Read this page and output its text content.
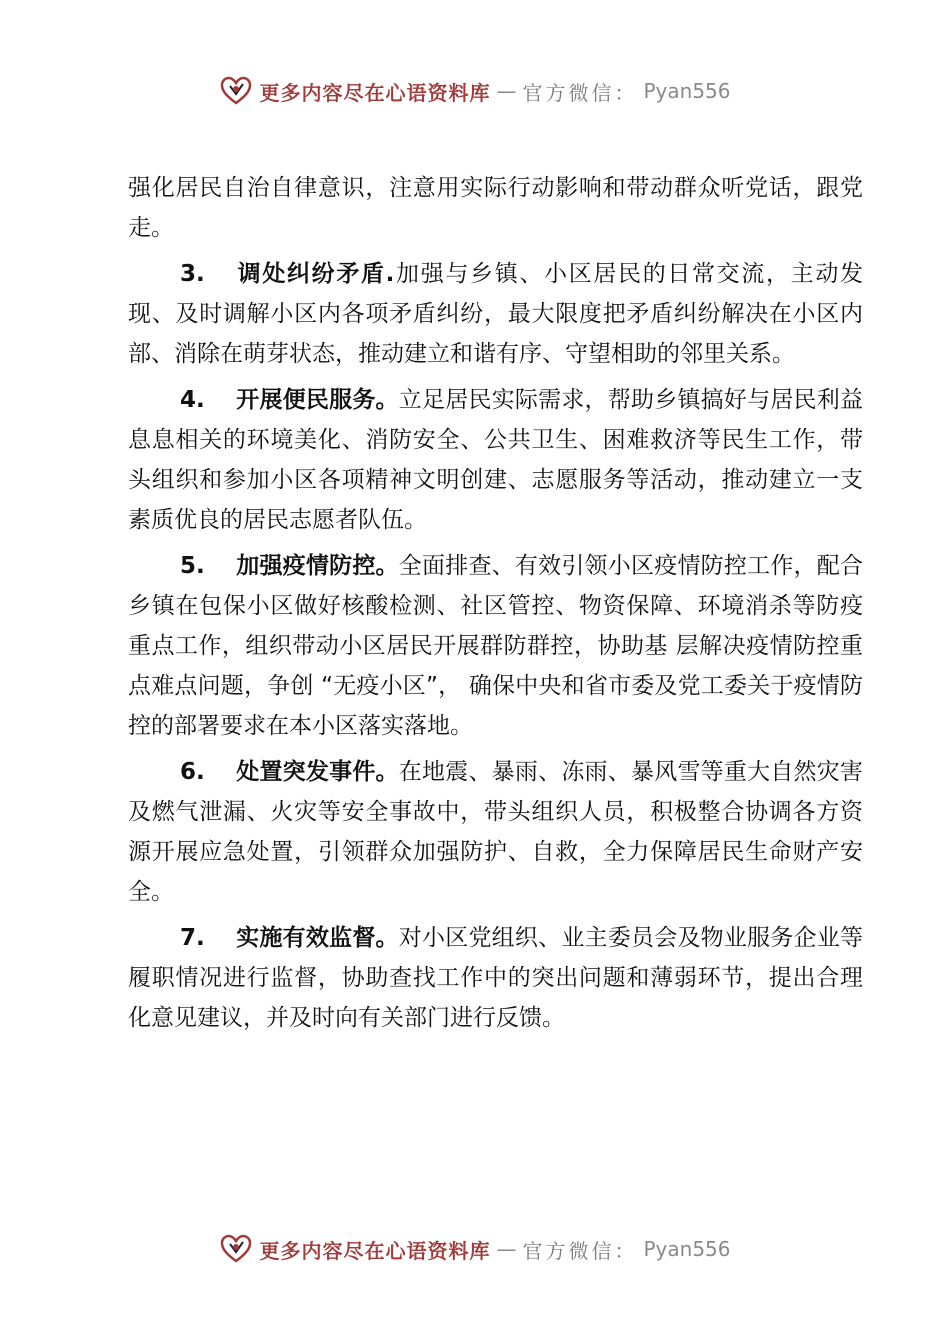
更多内容尽在心语资料库 — 官方微信： Pyan556

强化居民自治自律意识，注意用实际行动影响和带动群众听党话，跟党走。

3. 调处纠纷矛盾.加强与乡镇、小区居民的日常交流，主动发现、及时调解小区内各项矛盾纠纷，最大限度把矛盾纠纷解决在小区内部、消除在萌芽状态，推动建立和谐有序、守望相助的邻里关系。

4. 开展便民服务。立足居民实际需求，帮助乡镇搞好与居民利益息息相关的环境美化、消防安全、公共卫生、困难救济等民生工作，带头组织和参加小区各项精神文明创建、志愿服务等活动，推动建立一支素质优良的居民志愿者队伍。

5. 加强疫情防控。全面排查、有效引领小区疫情防控工作，配合乡镇在包保小区做好核酸检测、社区管控、物资保障、环境消杀等防疫重点工作，组织带动小区居民开展群防群控，协助基 层解决疫情防控重点难点问题，争创 “无疫小区”， 确保中央和省市委及党工委关于疫情防控的部署要求在本小区落实落地。

6. 处置突发事件。在地震、暴雨、冻雨、暴风雪等重大自然灾害及燃气泄漏、火灾等安全事故中，带头组织人员，积极整合协调各方资源开展应急处置，引领群众加强防护、自救，全力保障居民生命财产安全。

7. 实施有效监督。对小区党组织、业主委员会及物业服务企业等履职情况进行监督，协助查找工作中的突出问题和薄弱环节，提出合理化意见建议，并及时向有关部门进行反馈。

更多内容尽在心语资料库 — 官方微信： Pyan556
